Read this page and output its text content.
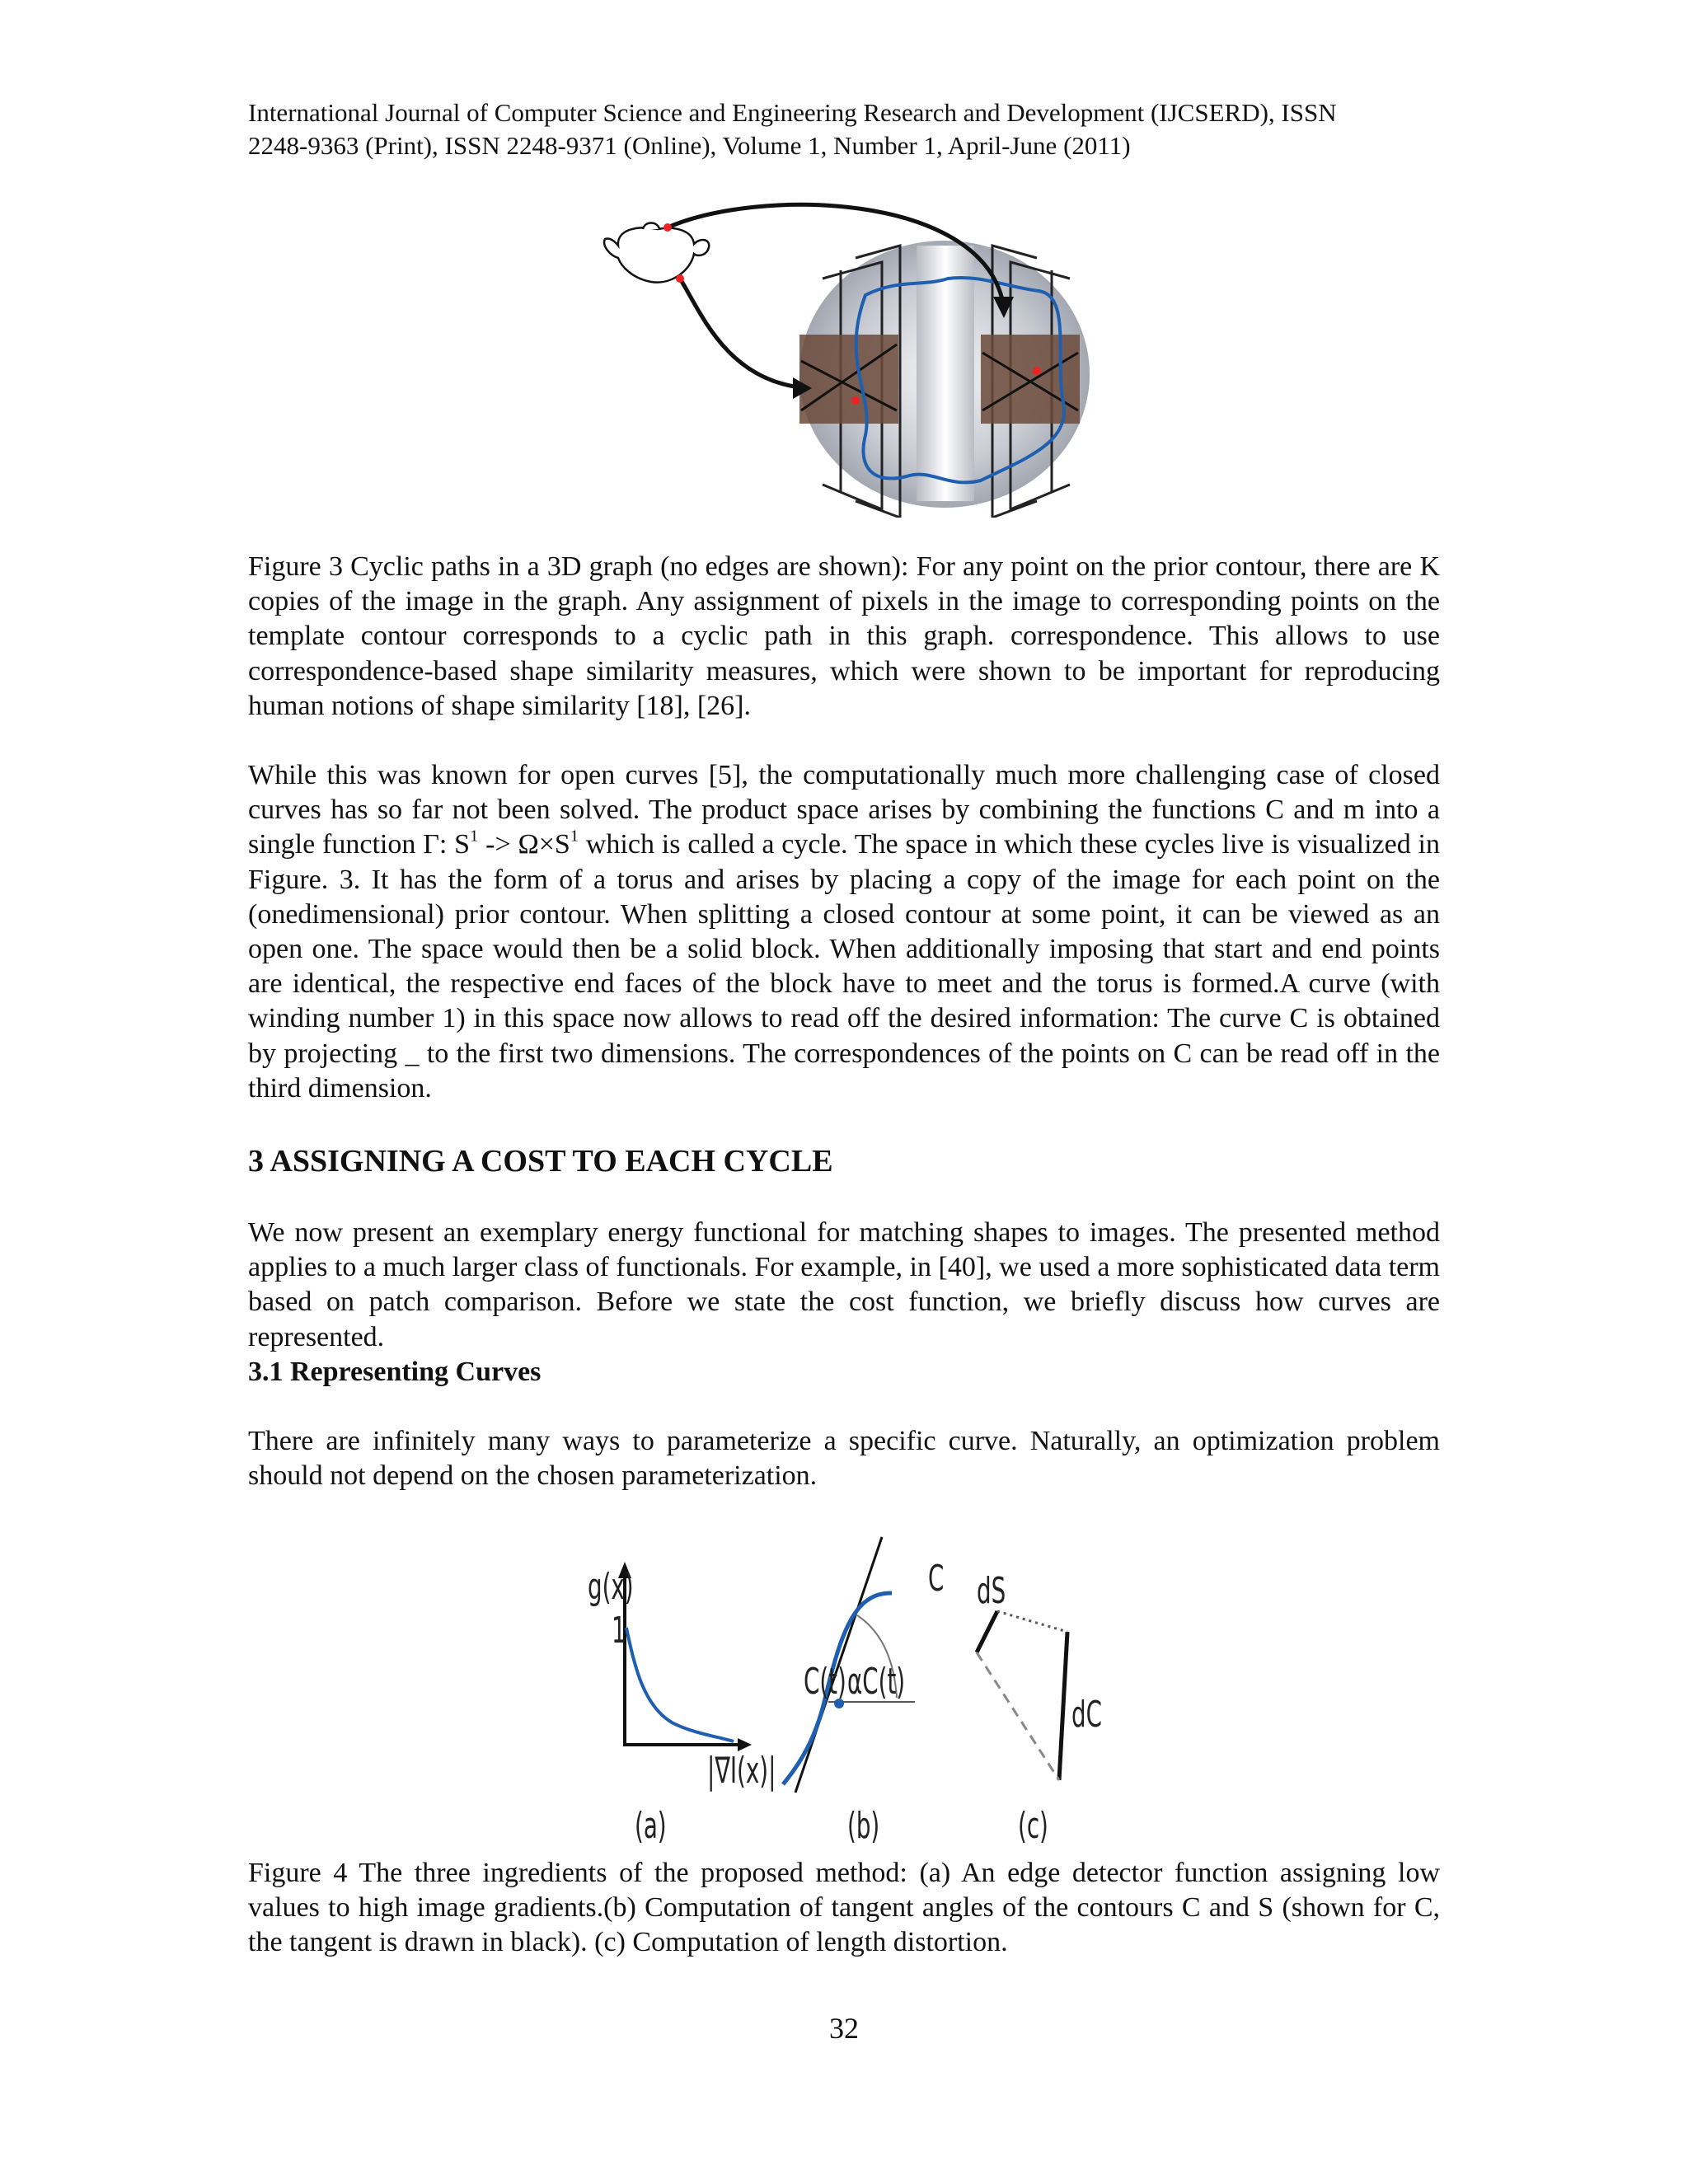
International Journal of Computer Science and Engineering Research and Development (IJCSERD), ISSN
2248-9363 (Print), ISSN 2248-9371 (Online), Volume 1, Number 1, April-June (2011)

Figure 3 Cyclic paths in a 3D graph (no edges are shown): For any point on the prior contour, there are K copies of the image in the graph. Any assignment of pixels in the image to corresponding points on the template contour corresponds to a cyclic path in this graph. correspondence. This allows to use correspondence-based shape similarity measures, which were shown to be important for reproducing human notions of shape similarity [18], [26].

While this was known for open curves [5], the computationally much more challenging case of closed curves has so far not been solved. The product space arises by combining the functions C and m into a single function Γ: $S^1 -> \Omega\times S^1$ which is called a cycle. The space in which these cycles live is visualized in Figure. 3. It has the form of a torus and arises by placing a copy of the image for each point on the (onedimensional) prior contour. When splitting a closed contour at some point, it can be viewed as an open one. The space would then be a solid block. When additionally imposing that start and end points are identical, the respective end faces of the block have to meet and the torus is formed.A curve (with winding number 1) in this space now allows to read off the desired information: The curve C is obtained by projecting _ to the first two dimensions. The correspondences of the points on C can be read off in the third dimension.

3 ASSIGNING A COST TO EACH CYCLE

We now present an exemplary energy functional for matching shapes to images. The presented method applies to a much larger class of functionals. For example, in [40], we used a more sophisticated data term based on patch comparison. Before we state the cost function, we briefly discuss how curves are represented.

3.1 Representing Curves

There are infinitely many ways to parameterize a specific curve. Naturally, an optimization problem should not depend on the chosen parameterization.

g(x)
1
|∇I(x)|
(a)
C
C(t) αC(t)
(b)
dS
dC
(c)

Figure 4 The three ingredients of the proposed method: (a) An edge detector function assigning low values to high image gradients.(b) Computation of tangent angles of the contours C and S (shown for C, the tangent is drawn in black). (c) Computation of length distortion.

32
